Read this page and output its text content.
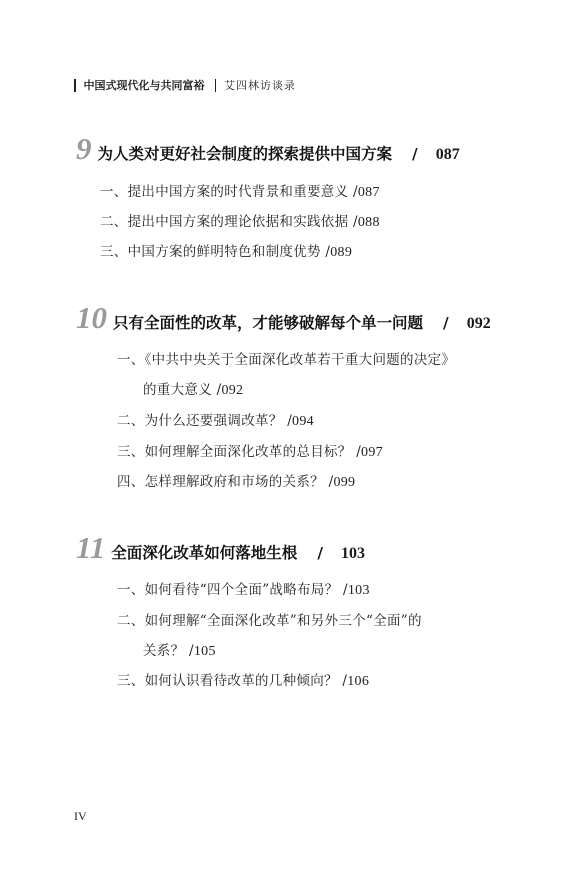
中国式现代化与共同富裕 艾四林访谈录
9 为人类对更好社会制度的探索提供中国方案 / 087
一、提出中国方案的时代背景和重要意义 /087
二、提出中国方案的理论依据和实践依据 /088
三、中国方案的鲜明特色和制度优势 /089
10 只有全面性的改革，才能够破解每个单一问题 / 092
一、《中共中央关于全面深化改革若干重大问题的决定》
的重大意义 /092
二、为什么还要强调改革？ /094
三、如何理解全面深化改革的总目标？ /097
四、怎样理解政府和市场的关系？ /099
11 全面深化改革如何落地生根 / 103
一、如何看待“四个全面”战略布局？ /103
二、如何理解“全面深化改革”和另外三个“全面”的
关系？ /105
三、如何认识看待改革的几种倾向？ /106
IV
